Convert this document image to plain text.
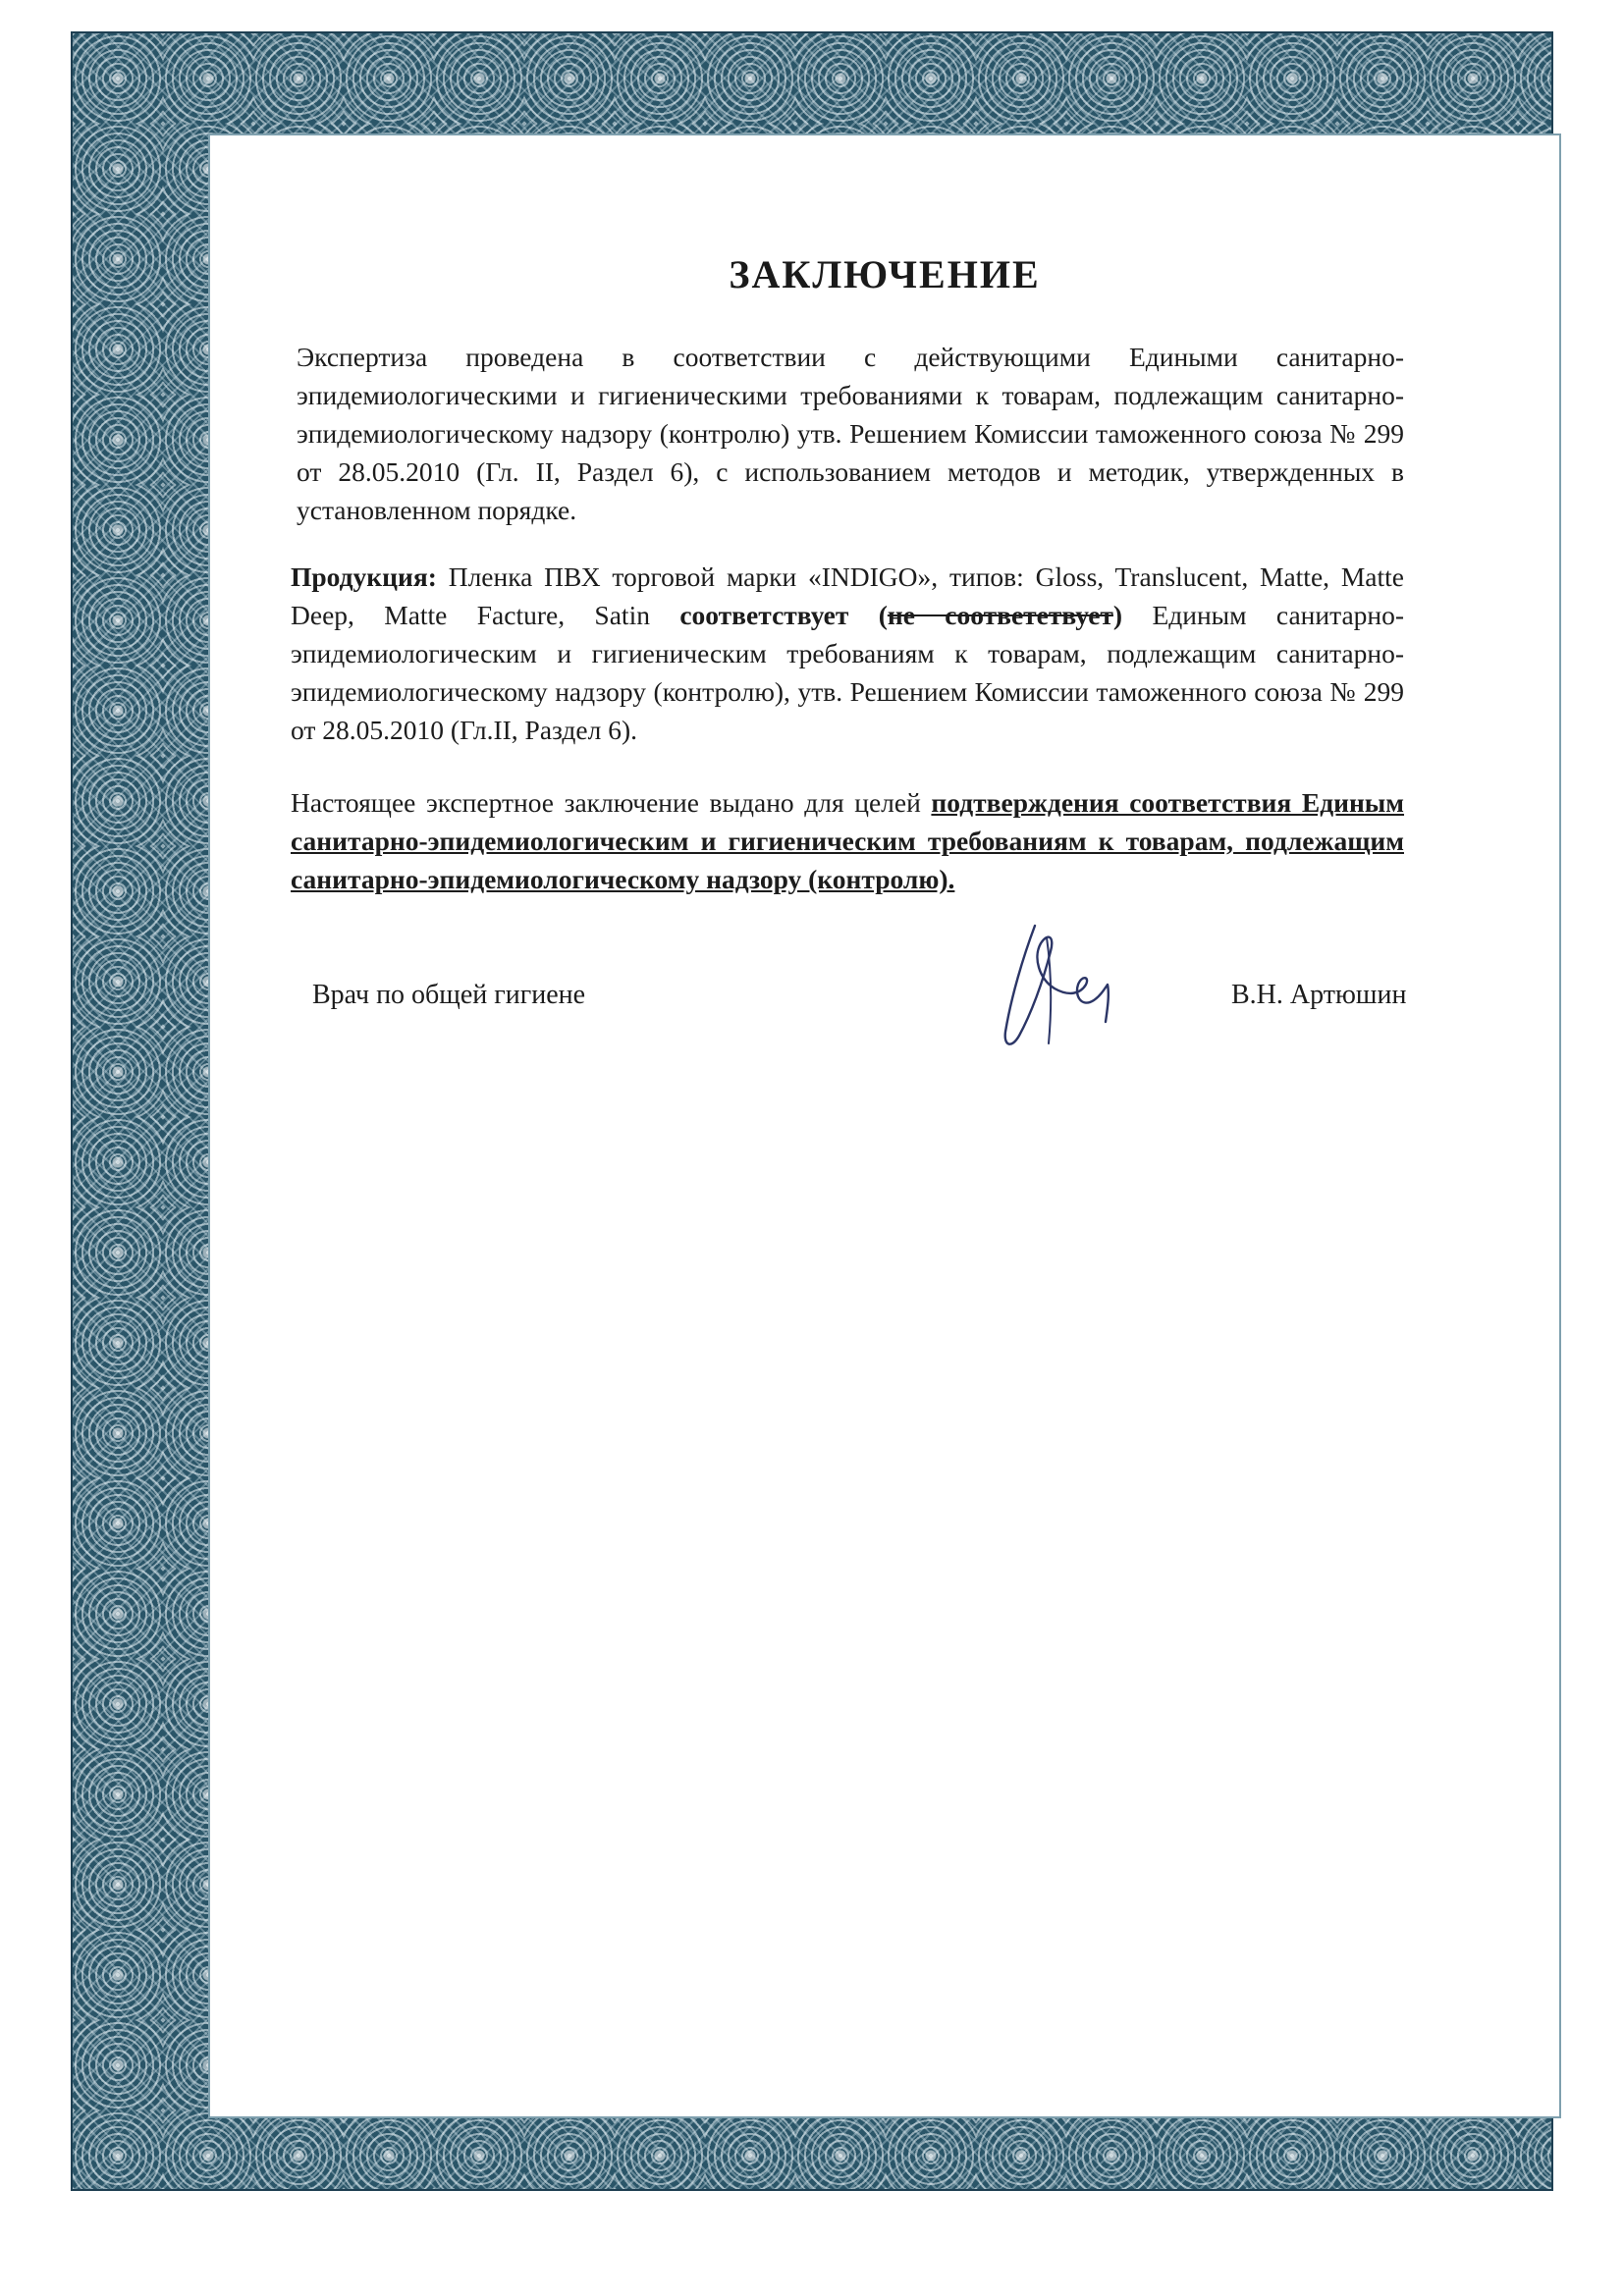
ЗАКЛЮЧЕНИЕ
Экспертиза проведена в соответствии с действующими Едиными санитарно-эпидемиологическими и гигиеническими требованиями к товарам, подлежащим санитарно-эпидемиологическому надзору (контролю) утв. Решением Комиссии таможенного союза № 299 от 28.05.2010 (Гл. II, Раздел 6), с использованием методов и методик, утвержденных в установленном порядке.
Продукция: Пленка ПВХ торговой марки «INDIGO», типов: Gloss, Translucent, Matte, Matte Deep, Matte Facture, Satin соответствует (не соответетвует) Единым санитарно-эпидемиологическим и гигиеническим требованиям к товарам, подлежащим санитарно-эпидемиологическому надзору (контролю), утв. Решением Комиссии таможенного союза № 299 от 28.05.2010 (Гл.II, Раздел 6).
Настоящее экспертное заключение выдано для целей подтверждения соответствия Единым санитарно-эпидемиологическим и гигиеническим требованиям к товарам, подлежащим санитарно-эпидемиологическому надзору (контролю).
Врач по общей гигиене	В.Н. Артюшин
